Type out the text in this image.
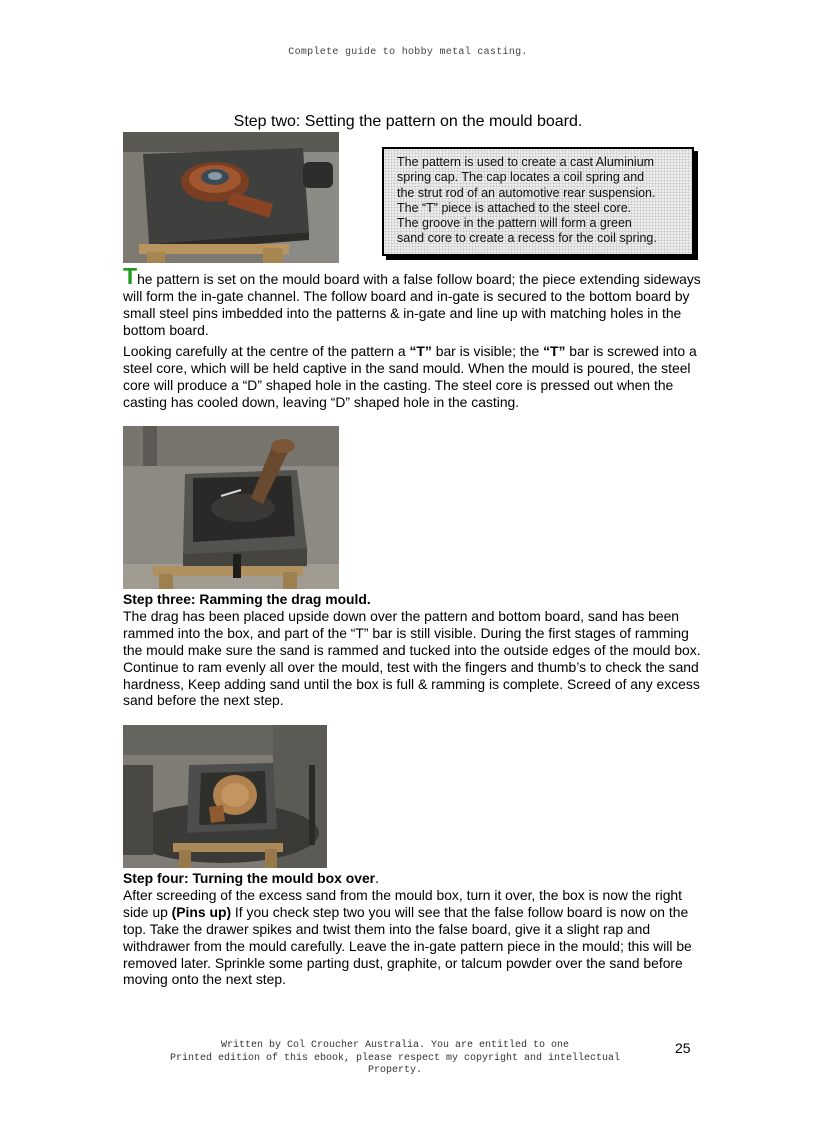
Complete guide to hobby metal casting.
Step two: Setting the pattern on the mould board.
The pattern is used to create a cast Aluminium
spring cap. The cap locates a coil spring and
the strut rod of an automotive rear suspension.
The “T” piece is attached to the steel core.
The groove in the pattern will form a green
sand core to create a recess for the coil spring.

The pattern is set on the mould board with a false follow board; the piece extending sideways will form the in-gate channel. The follow board and in-gate is secured to the bottom board by small steel pins imbedded into the patterns & in-gate and line up with matching holes in the bottom board.

Looking carefully at the centre of the pattern a “T” bar is visible; the “T” bar is screwed into a steel core, which will be held captive in the sand mould. When the mould is poured, the steel core will produce a “D” shaped hole in the casting. The steel core is pressed out when the casting has cooled down, leaving “D” shaped hole in the casting.

Step three: Ramming the drag mould.
The drag has been placed upside down over the pattern and bottom board, sand has been rammed into the box, and part of the “T” bar is still visible. During the first stages of ramming the mould make sure the sand is rammed and tucked into the outside edges of the mould box. Continue to ram evenly all over the mould, test with the fingers and thumb’s to check the sand hardness, Keep adding sand until the box is full & ramming is complete. Screed of any excess sand before the next step.

Step four: Turning the mould box over.
After screeding of the excess sand from the mould box, turn it over, the box is now the right side up (Pins up) If you check step two you will see that the false follow board is now on the top. Take the drawer spikes and twist them into the false board, give it a slight rap and withdrawer from the mould carefully. Leave the in-gate pattern piece in the mould; this will be removed later. Sprinkle some parting dust, graphite, or talcum powder over the sand before moving onto the next step.

Written by Col Croucher Australia. You are entitled to one
Printed edition of this ebook, please respect my copyright and intellectual
Property.
25
